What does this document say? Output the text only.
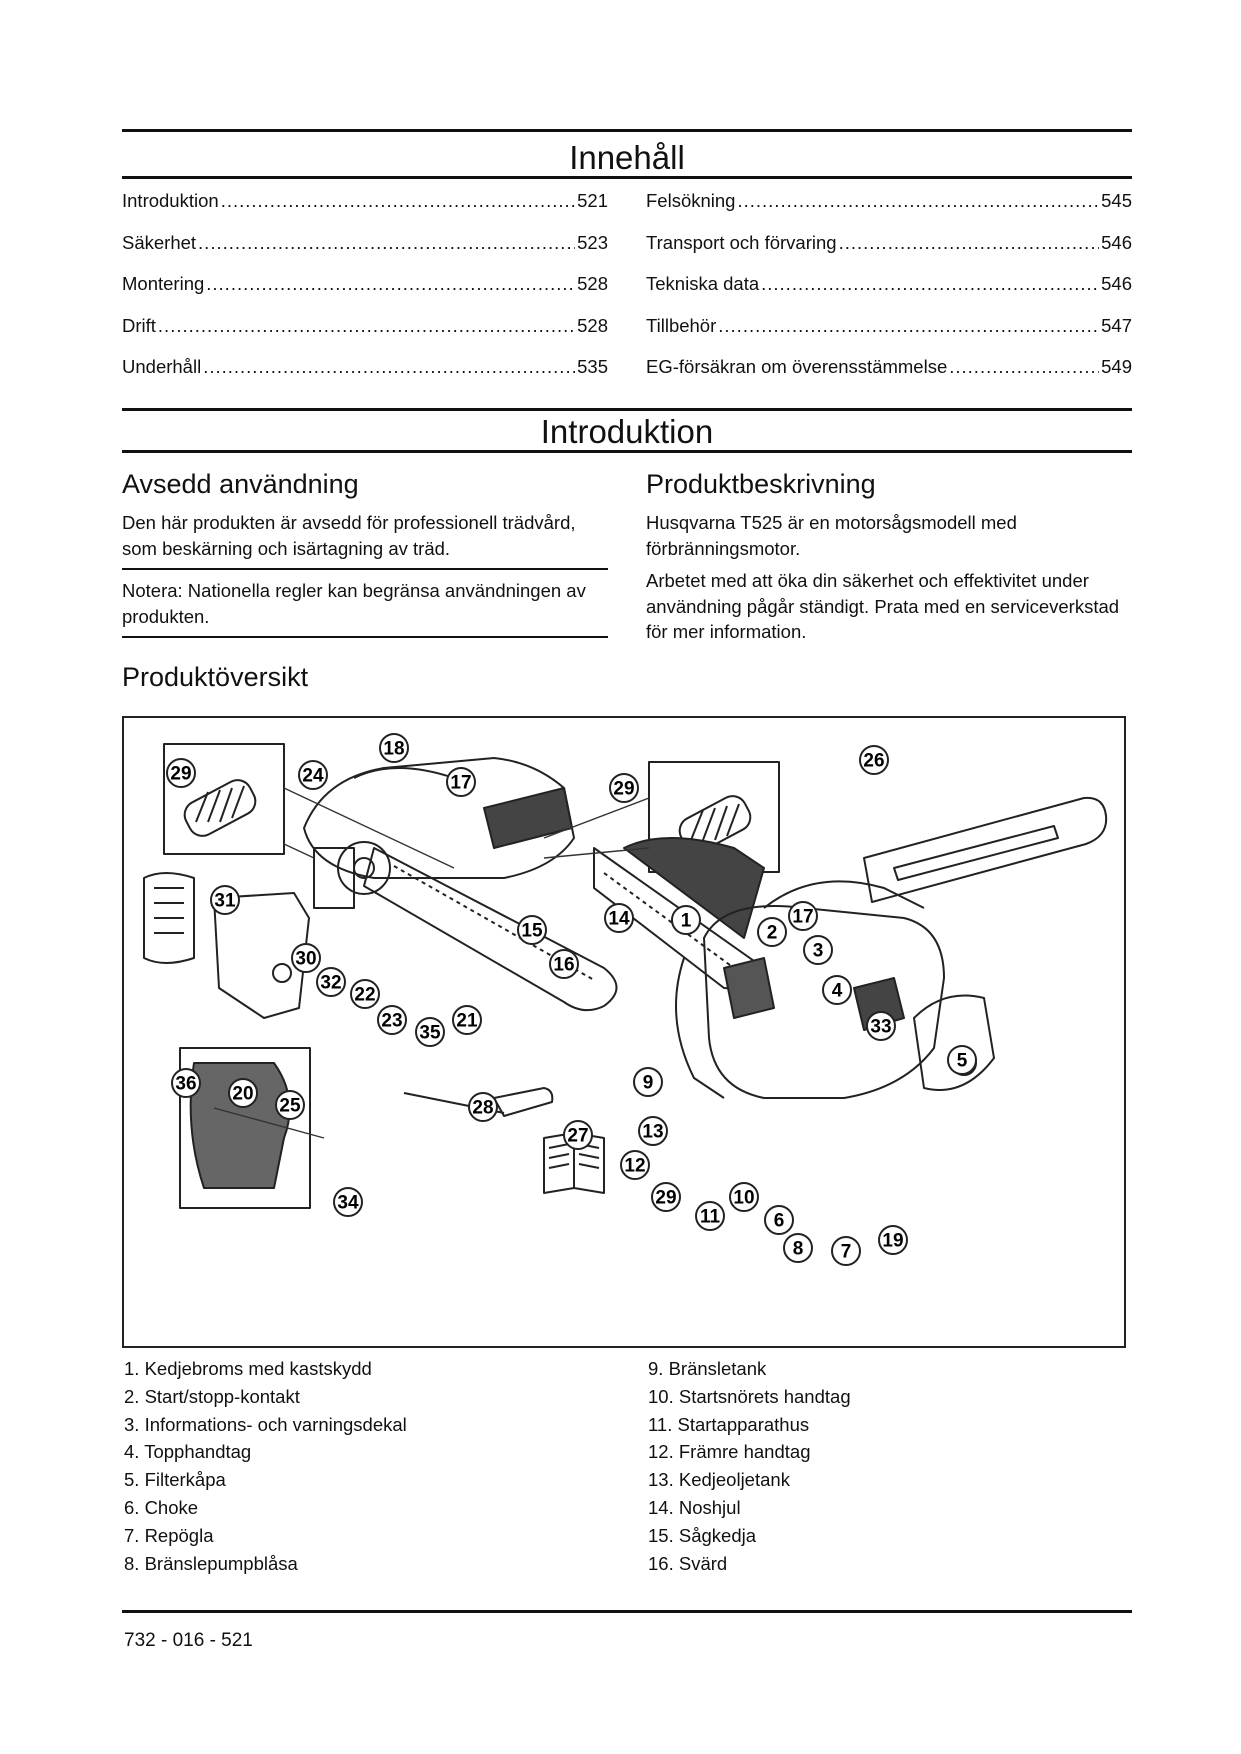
Innehåll
Introduktion .....	521
Säkerhet .....	523
Montering .....	528
Drift .....	528
Underhåll .....	535
Felsökning .....	545
Transport och förvaring .....	546
Tekniska data .....	546
Tillbehör .....	547
EG-försäkran om överensstämmelse .....	549
Introduktion
Avsedd användning
Den här produkten är avsedd för professionell trädvård, som beskärning och isärtagning av träd.
Notera: Nationella regler kan begränsa användningen av produkten.
Produktbeskrivning
Husqvarna T525 är en motorsågsmodell med förbränningsmotor.
Arbetet med att öka din säkerhet och effektivitet under användning pågår ständigt. Prata med en serviceverkstad för mer information.
Produktöversikt
29	24
18
17	29
26
31
30
32
22
23
35
21
15
16
14	1
2
17
3
4
33
5
36 20
25	28
27
9
13
12
29	10
11	6
8 7
19
34
1. Kedjebroms med kastskydd
2. Start/stopp-kontakt
3. Informations- och varningsdekal
4. Topphandtag
5. Filterkåpa
6. Choke
7. Repögla
8. Bränslepumpblåsa
9. Bränsletank
10. Startsnörets handtag
11. Startapparathus
12. Främre handtag
13. Kedjeoljetank
14. Noshjul
15. Sågkedja
16. Svärd
732 - 016 - 521
